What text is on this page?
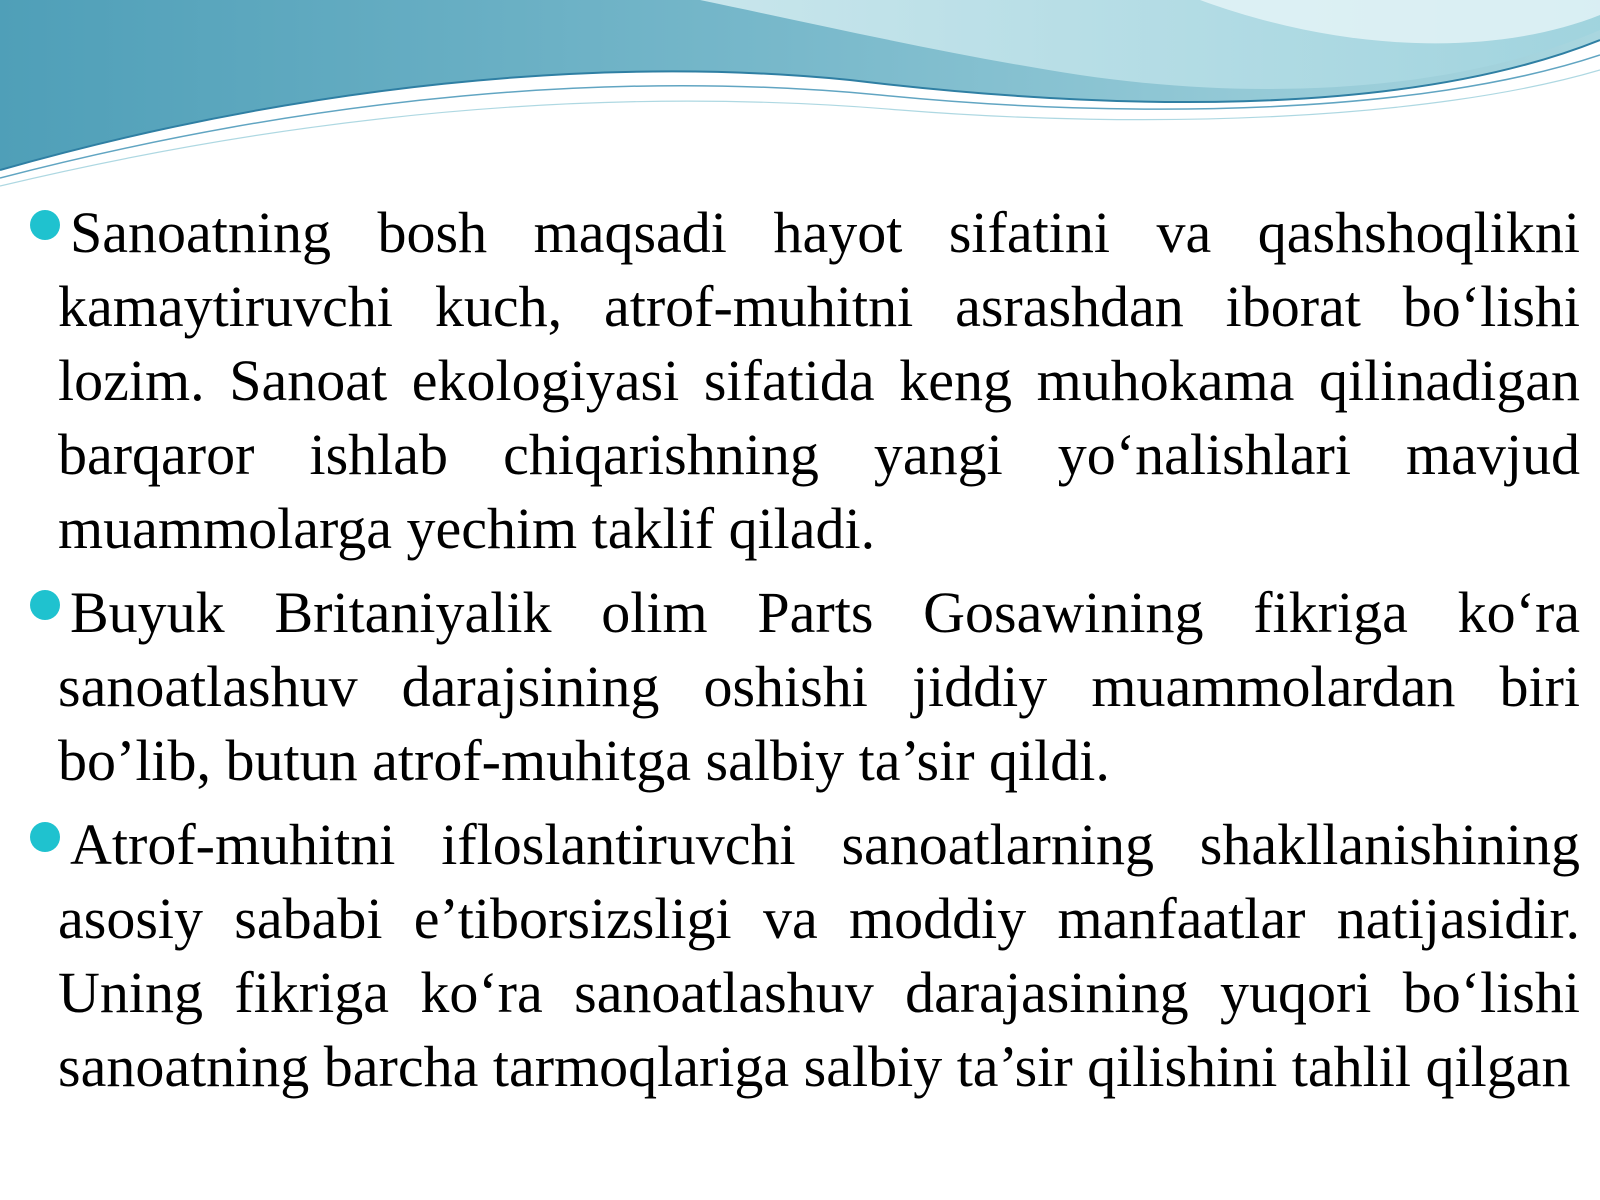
Sanoatning bosh maqsadi hayot sifatini va qashshoqlikni kamaytiruvchi kuch, atrof-muhitni asrashdan iborat bo‘lishi lozim. Sanoat ekologiyasi sifatida keng muhokama qilinadigan barqaror ishlab chiqarishning yangi yo‘nalishlari mavjud muammolarga yechim taklif qiladi.
Buyuk Britaniyalik olim Parts Gosawining fikriga ko‘ra sanoatlashuv darajsining oshishi jiddiy muammolardan biri bo’lib, butun atrof-muhitga salbiy ta’sir qildi.
Atrof-muhitni ifloslantiruvchi sanoatlarning shakllanishining asosiy sababi e’tiborsizsligi va moddiy manfaatlar natijasidir. Uning fikriga ko‘ra sanoatlashuv darajasining yuqori bo‘lishi sanoatning barcha tarmoqlariga salbiy ta’sir qilishini tahlil qilgan
